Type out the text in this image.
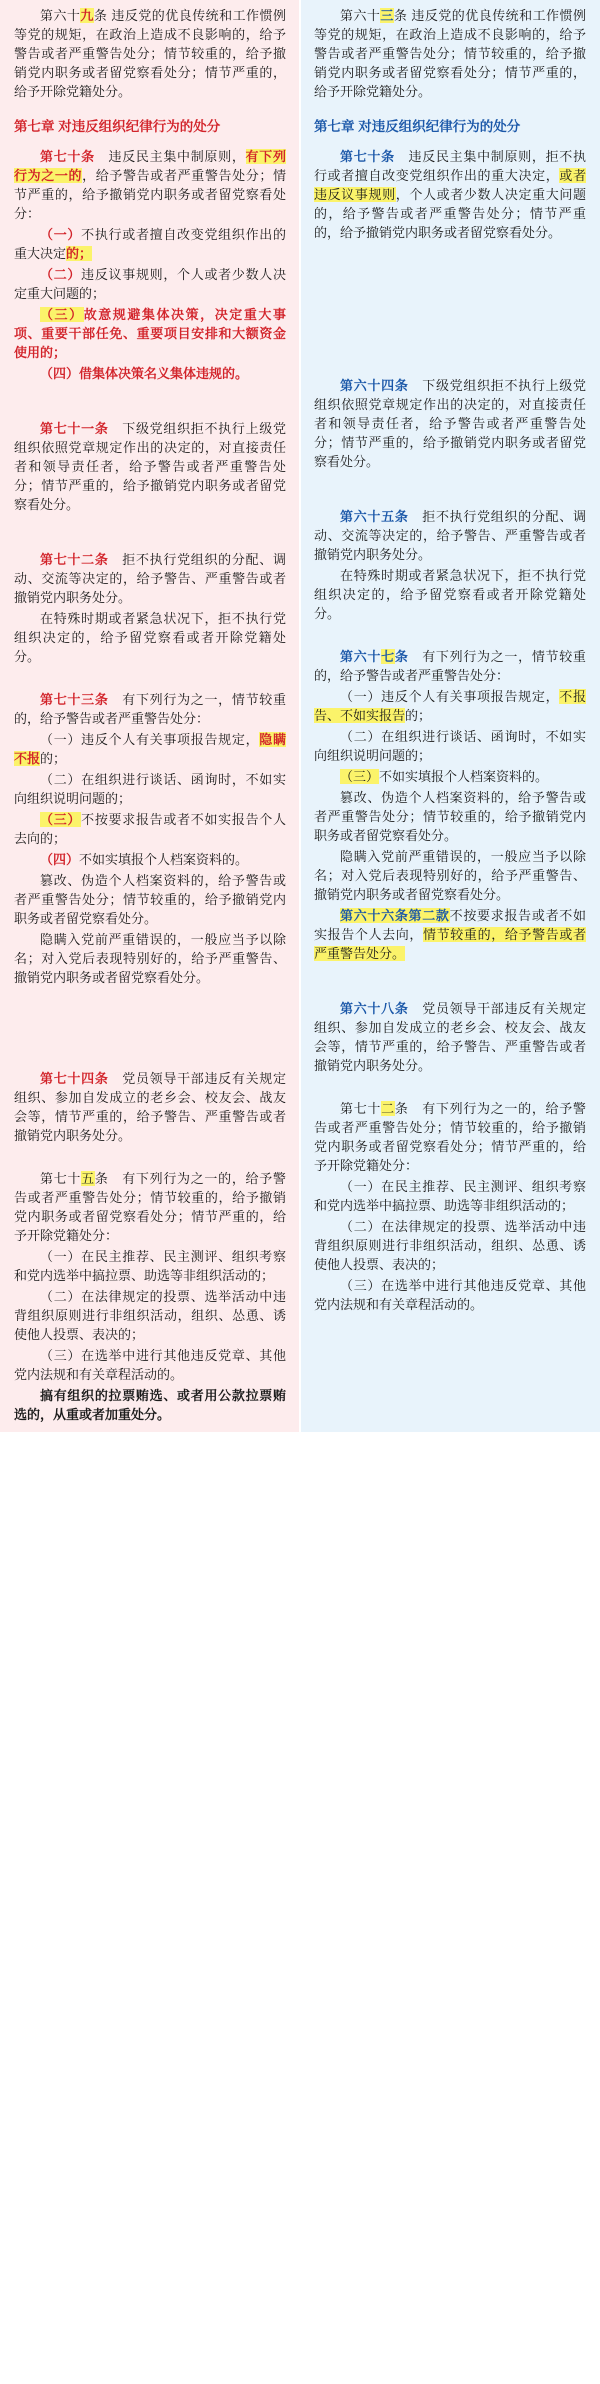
第六十九条 违反党的优良传统和工作惯例等党的规矩，在政治上造成不良影响的，给予警告或者严重警告处分；情节较重的，给予撤销党内职务或者留党察看处分；情节严重的，给予开除党籍处分。

第七章 对违反组织纪律行为的处分

第七十条　 违反民主集中制原则，有下列行为之一的，给予警告或者严重警告处分；情节严重的，给予撤销党内职务或者留党察看处分：

（一）不执行或者擅自改变党组织作出的重大决定的；

（二）违反议事规则，个人或者少数人决定重大问题的；

（三）故意规避集体决策，决定重大事项、重要干部任免、重要项目安排和大额资金使用的；

（四）借集体决策名义集体违规的。

第七十一条　 下级党组织拒不执行上级党组织依照党章规定作出的决定的，对直接责任者和领导责任者，给予警告或者严重警告处分；情节严重的，给予撤销党内职务或者留党察看处分。

第七十二条　 拒不执行党组织的分配、调动、交流等决定的，给予警告、严重警告或者撤销党内职务处分。

在特殊时期或者紧急状况下，拒不执行党组织决定的，给予留党察看或者开除党籍处分。

第七十三条　 有下列行为之一，情节较重的，给予警告或者严重警告处分：

（一）违反个人有关事项报告规定，隐瞒不报的；

（二）在组织进行谈话、函询时，不如实向组织说明问题的；

（三）不按要求报告或者不如实报告个人去向的；

（四）不如实填报个人档案资料的。

篡改、伪造个人档案资料的，给予警告或者严重警告处分；情节较重的，给予撤销党内职务或者留党察看处分。

隐瞒入党前严重错误的，一般应当予以除名；对入党后表现特别好的，给予严重警告、撤销党内职务或者留党察看处分。

第七十四条　 党员领导干部违反有关规定组织、参加自发成立的老乡会、校友会、战友会等，情节严重的，给予警告、严重警告或者撤销党内职务处分。

第七十五条　 有下列行为之一的，给予警告或者严重警告处分；情节较重的，给予撤销党内职务或者留党察看处分；情节严重的，给予开除党籍处分：

（一）在民主推荐、民主测评、组织考察和党内选举中搞拉票、助选等非组织活动的；

（二）在法律规定的投票、选举活动中违背组织原则进行非组织活动，组织、怂恿、诱使他人投票、表决的；

（三）在选举中进行其他违反党章、其他党内法规和有关章程活动的。

搞有组织的拉票贿选、或者用公款拉票贿选的，从重或者加重处分。

第六十三条 违反党的优良传统和工作惯例等党的规矩，在政治上造成不良影响的，给予警告或者严重警告处分；情节较重的，给予撤销党内职务或者留党察看处分；情节严重的，给予开除党籍处分。

第七章 对违反组织纪律行为的处分

第七十条　 违反民主集中制原则，拒不执行或者擅自改变党组织作出的重大决定，或者违反议事规则，个人或者少数人决定重大问题的，给予警告或者严重警告处分；情节严重的，给予撤销党内职务或者留党察看处分。

第六十四条　 下级党组织拒不执行上级党组织依照党章规定作出的决定的，对直接责任者和领导责任者，给予警告或者严重警告处分；情节严重的，给予撤销党内职务或者留党察看处分。

第六十五条　 拒不执行党组织的分配、调动、交流等决定的，给予警告、严重警告或者撤销党内职务处分。

在特殊时期或者紧急状况下，拒不执行党组织决定的，给予留党察看或者开除党籍处分。

第六十七条　 有下列行为之一，情节较重的，给予警告或者严重警告处分：

（一）违反个人有关事项报告规定，不报告、不如实报告的；

（二）在组织进行谈话、函询时，不如实向组织说明问题的；

（三）不如实填报个人档案资料的。

篡改、伪造个人档案资料的，给予警告或者严重警告处分；情节较重的，给予撤销党内职务或者留党察看处分。

隐瞒入党前严重错误的，一般应当予以除名；对入党后表现特别好的，给予严重警告、撤销党内职务或者留党察看处分。

第六十六条第二款不按要求报告或者不如实报告个人去向，情节较重的，给予警告或者严重警告处分。

第六十八条　 党员领导干部违反有关规定组织、参加自发成立的老乡会、校友会、战友会等，情节严重的，给予警告、严重警告或者撤销党内职务处分。

第七十二条　 有下列行为之一的，给予警告或者严重警告处分；情节较重的，给予撤销党内职务或者留党察看处分；情节严重的，给予开除党籍处分：

（一）在民主推荐、民主测评、组织考察和党内选举中搞拉票、助选等非组织活动的；

（二）在法律规定的投票、选举活动中违背组织原则进行非组织活动，组织、怂恿、诱使他人投票、表决的；

（三）在选举中进行其他违反党章、其他党内法规和有关章程活动的。
